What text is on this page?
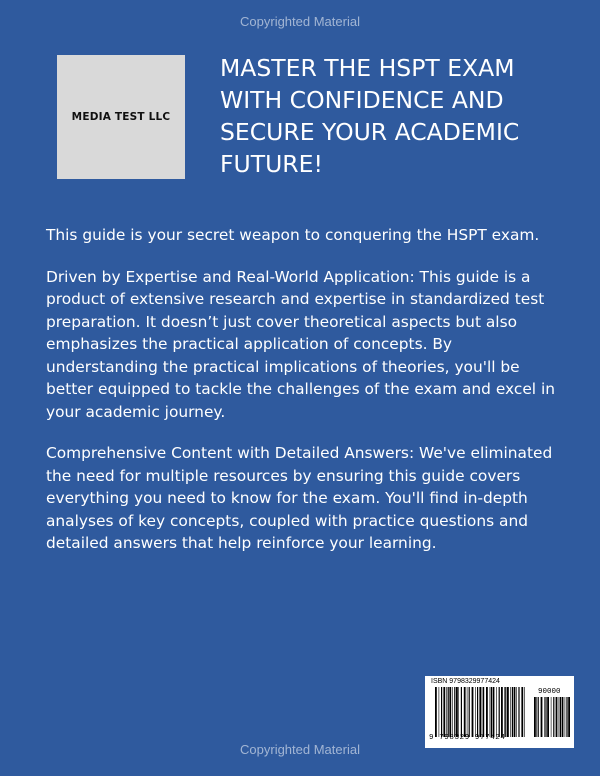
Copyrighted Material
MEDIA TEST LLC
MASTER THE HSPT EXAM WITH CONFIDENCE AND SECURE YOUR ACADEMIC FUTURE!

This guide is your secret weapon to conquering the HSPT exam.

Driven by Expertise and Real-World Application: This guide is a product of extensive research and expertise in standardized test preparation. It doesn’t just cover theoretical aspects but also emphasizes the practical application of concepts. By understanding the practical implications of theories, you'll be better equipped to tackle the challenges of the exam and excel in your academic journey.

Comprehensive Content with Detailed Answers: We've eliminated the need for multiple resources by ensuring this guide covers everything you need to know for the exam. You'll find in-depth analyses of key concepts, coupled with practice questions and detailed answers that help reinforce your learning.

ISBN 9798329977424
90000
9 798329 977424
Copyrighted Material
